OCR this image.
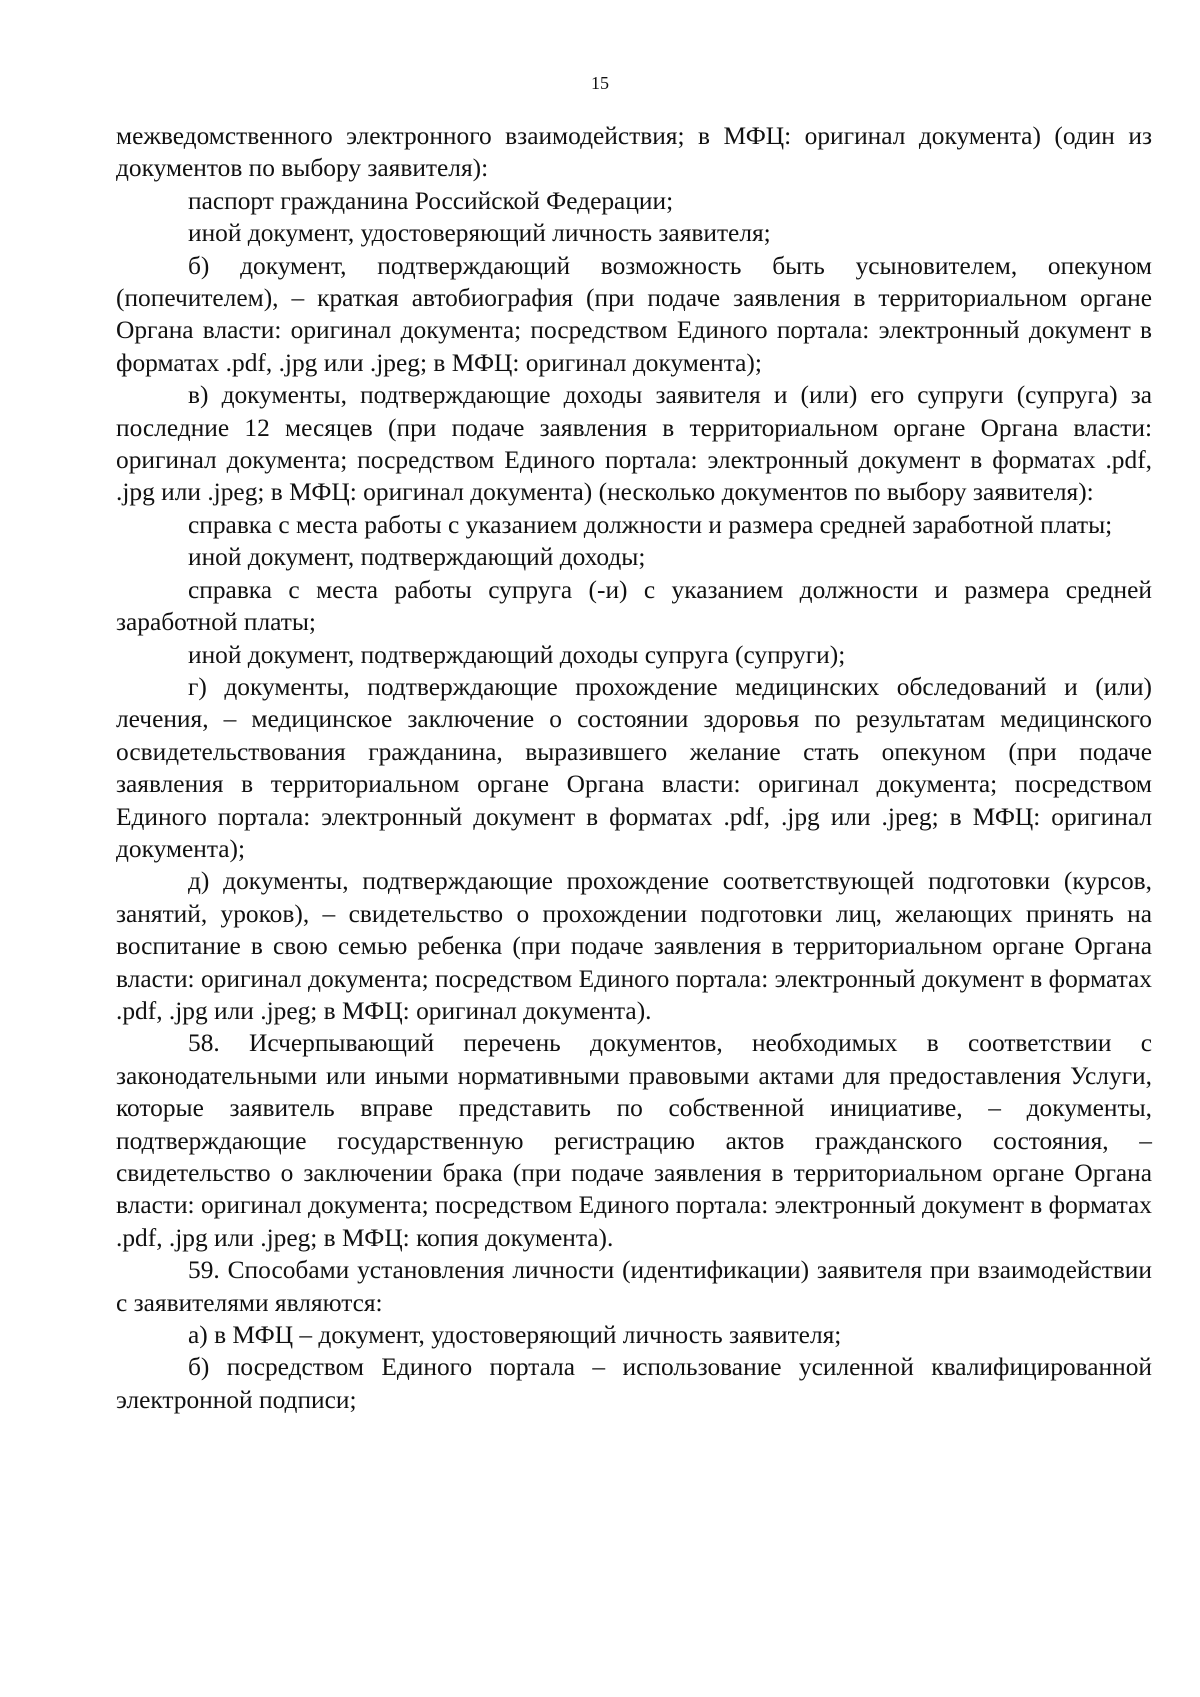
15

межведомственного электронного взаимодействия; в МФЦ: оригинал документа) (один из документов по выбору заявителя):

паспорт гражданина Российской Федерации;

иной документ, удостоверяющий личность заявителя;

б) документ, подтверждающий возможность быть усыновителем, опекуном (попечителем), – краткая автобиография (при подаче заявления в территориальном органе Органа власти: оригинал документа; посредством Единого портала: электронный документ в форматах .pdf, .jpg или .jpeg; в МФЦ: оригинал документа);

в) документы, подтверждающие доходы заявителя и (или) его супруги (супруга) за последние 12 месяцев (при подаче заявления в территориальном органе Органа власти: оригинал документа; посредством Единого портала: электронный документ в форматах .pdf, .jpg или .jpeg; в МФЦ: оригинал документа) (несколько документов по выбору заявителя):

справка с места работы с указанием должности и размера средней заработной платы;

иной документ, подтверждающий доходы;

справка с места работы супруга (-и) с указанием должности и размера средней заработной платы;

иной документ, подтверждающий доходы супруга (супруги);

г) документы, подтверждающие прохождение медицинских обследований и (или) лечения, – медицинское заключение о состоянии здоровья по результатам медицинского освидетельствования гражданина, выразившего желание стать опекуном (при подаче заявления в территориальном органе Органа власти: оригинал документа; посредством Единого портала: электронный документ в форматах .pdf, .jpg или .jpeg; в МФЦ: оригинал документа);

д) документы, подтверждающие прохождение соответствующей подготовки (курсов, занятий, уроков), – свидетельство о прохождении подготовки лиц, желающих принять на воспитание в свою семью ребенка (при подаче заявления в территориальном органе Органа власти: оригинал документа; посредством Единого портала: электронный документ в форматах .pdf, .jpg или .jpeg; в МФЦ: оригинал документа).

58. Исчерпывающий перечень документов, необходимых в соответствии с законодательными или иными нормативными правовыми актами для предоставления Услуги, которые заявитель вправе представить по собственной инициативе, – документы, подтверждающие государственную регистрацию актов гражданского состояния, – свидетельство о заключении брака (при подаче заявления в территориальном органе Органа власти: оригинал документа; посредством Единого портала: электронный документ в форматах .pdf, .jpg или .jpeg; в МФЦ: копия документа).

59. Способами установления личности (идентификации) заявителя при взаимодействии с заявителями являются:

а) в МФЦ – документ, удостоверяющий личность заявителя;

б) посредством Единого портала – использование усиленной квалифицированной электронной подписи;
